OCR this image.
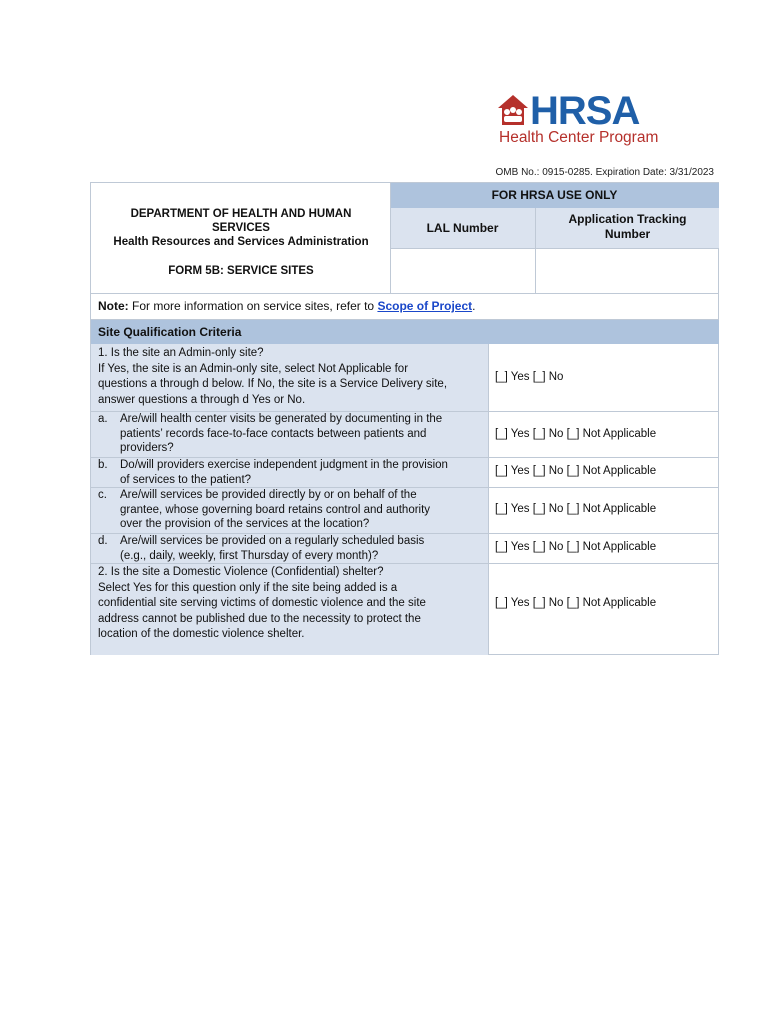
HRSA
Health Center Program
OMB No.: 0915-0285. Expiration Date: 3/31/2023
DEPARTMENT OF HEALTH AND HUMAN
SERVICES
Health Resources and Services Administration
FORM 5B: SERVICE SITES
FOR HRSA USE ONLY
LAL Number
Application Tracking
Number
Note: For more information on service sites, refer to Scope of Project.
Site Qualification Criteria
1. Is the site an Admin-only site?
If Yes, the site is an Admin-only site, select Not Applicable for
questions a through d below. If No, the site is a Service Delivery site,
answer questions a through d Yes or No.
[_] Yes [_] No
a. Are/will health center visits be generated by documenting in the
patients’ records face-to-face contacts between patients and
providers?
[_] Yes [_] No [_] Not Applicable
b. Do/will providers exercise independent judgment in the provision
of services to the patient?
[_] Yes [_] No [_] Not Applicable
c. Are/will services be provided directly by or on behalf of the
grantee, whose governing board retains control and authority
over the provision of the services at the location?
[_] Yes [_] No [_] Not Applicable
d. Are/will services be provided on a regularly scheduled basis
(e.g., daily, weekly, first Thursday of every month)?
[_] Yes [_] No [_] Not Applicable
2. Is the site a Domestic Violence (Confidential) shelter?
Select Yes for this question only if the site being added is a
confidential site serving victims of domestic violence and the site
address cannot be published due to the necessity to protect the
location of the domestic violence shelter.
[_] Yes [_] No [_] Not Applicable
